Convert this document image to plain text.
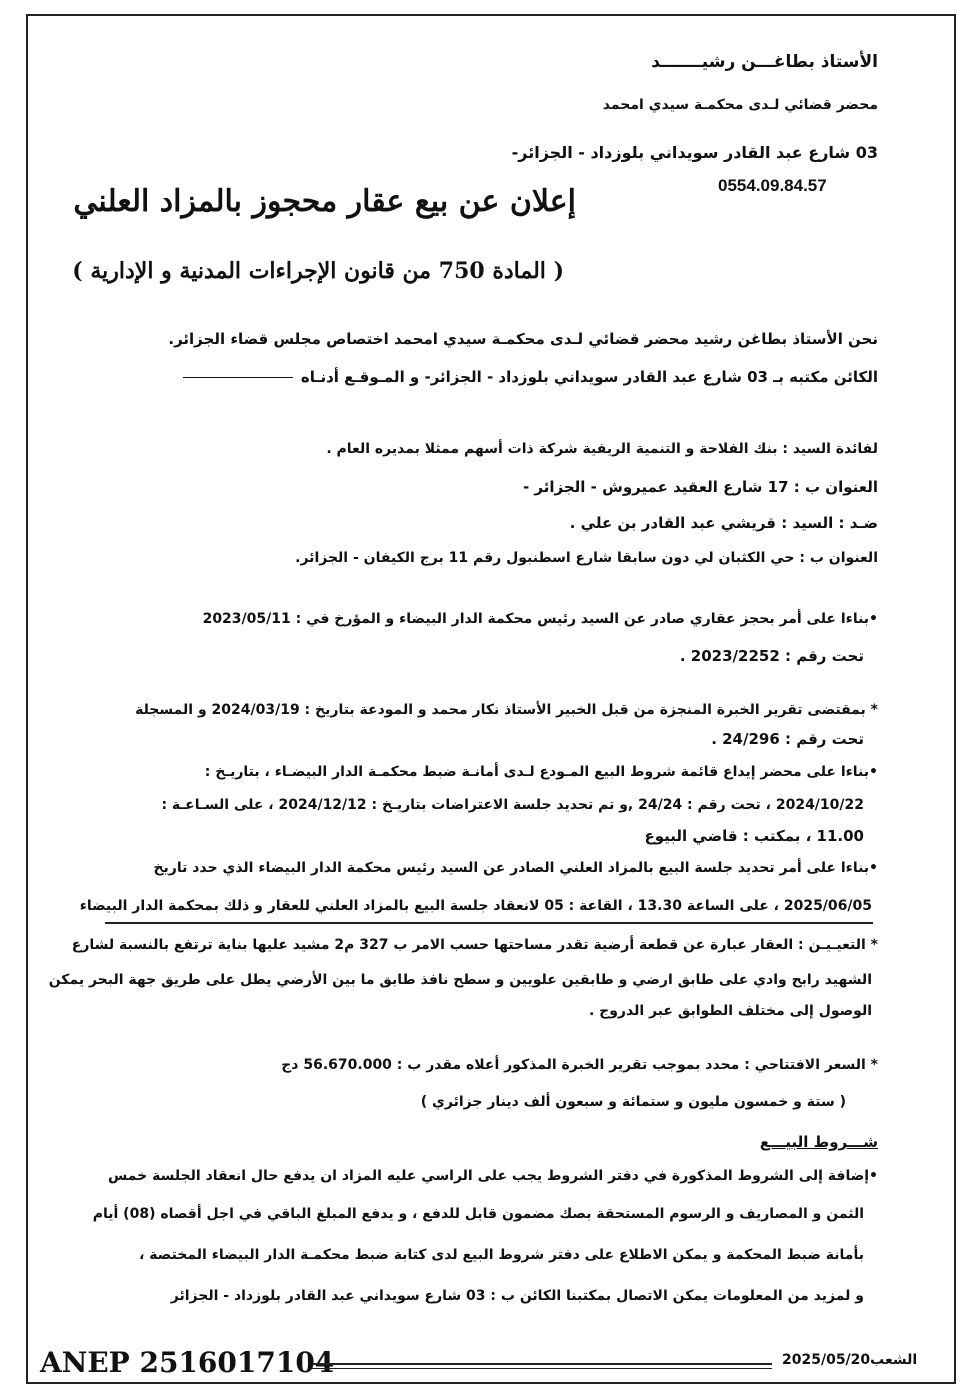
الأستاذ بطاغـــن رشيـــــــد
محضر قضائي لـدى محكمـة سيدي امحمد
03 شارع عبد القادر سويداني بلوزداد - الجزائر-
0554.09.84.57
إعلان عن بيع عقار محجوز بالمزاد العلني
( المادة 750 من قانون الإجراءات المدنية و الإدارية )
نحن الأستاذ بطاغن رشيد محضر قضائي لـدى محكمـة سيدي امحمد اختصاص مجلس قضاء الجزائر.
الكائن مكتبه بـ 03 شارع عبد القادر سويداني بلوزداد - الجزائر- و المـوقـع أدنـاه
لفائدة السيد : بنك الفلاحة و التنمية الريفية شركة ذات أسهم ممثلا بمديره العام .
العنوان ب : 17 شارع العقيد عميروش - الجزائر -
ضـد : السيد : قريشي عبد القادر بن علي .
العنوان ب : حي الكثبان لي دون سابقا شارع اسطنبول رقم 11 برج الكيفان - الجزائر.
• بناءا على أمر بحجز عقاري صادر عن السيد رئيس محكمة الدار البيضاء و المؤرخ في : 2023/05/11
تحت رقم : 2023/2252 .
* بمقتضى تقرير الخبرة المنجزة من قبل الخبير الأستاذ نكار محمد و المودعة بتاريخ : 2024/03/19 و المسجلة
تحت رقم : 24/296 .
• بناءا على محضر إيداع قائمة شروط البيع المـودع لـدى أمانـة ضبط محكمـة الدار البيضـاء ، بتاريـخ :
2024/10/22 ، تحت رقم : 24/24 ,و تم تحديد جلسة الاعتراضات بتاريـخ : 2024/12/12 ، على السـاعـة :
11.00 ، بمكتب : قاضي البيوع
• بناءا على أمر تحديد جلسة البيع بالمزاد العلني الصادر عن السيد رئيس محكمة الدار البيضاء الذي حدد تاريخ
2025/06/05 ، على الساعة 13.30 ، القاعة : 05 لانعقاد جلسة البيع بالمزاد العلني للعقار و ذلك بمحكمة الدار البيضاء
* التعيـيـن : العقار عبارة عن قطعة أرضية تقدر مساحتها حسب الامر ب 327 م2 مشيد عليها بناية ترتفع بالنسبة لشارع
الشهيد رابح وادي على طابق ارضي و طابقين علويين و سطح نافذ طابق ما بين الأرضي يطل على طريق جهة البحر يمكن
الوصول إلى مختلف الطوابق عبر الدروج .
* السعر الافتتاحي : محدد بموجب تقرير الخبرة المذكور أعلاه مقدر ب : 56.670.000 دج
( ستة و خمسون مليون و ستمائة و سبعون ألف دينار جزائري )
شـــروط البيـــع
• إضافة إلى الشروط المذكورة في دفتر الشروط يجب على الراسي عليه المزاد ان يدفع حال انعقاد الجلسة خمس
الثمن و المصاريف و الرسوم المستحقة بصك مضمون قابل للدفع ، و يدفع المبلغ الباقي في اجل أقصاه (08) أيام
بأمانة ضبط المحكمة و يمكن الاطلاع على دفتر شروط البيع لدى كتابة ضبط محكمـة الدار البيضاء المختصة ،
و لمزيد من المعلومات يمكن الاتصال بمكتبنا الكائن ب : 03 شارع سويداني عبد القادر بلوزداد - الجزائر
ANEP 2516017104	الشعب2025/05/20
